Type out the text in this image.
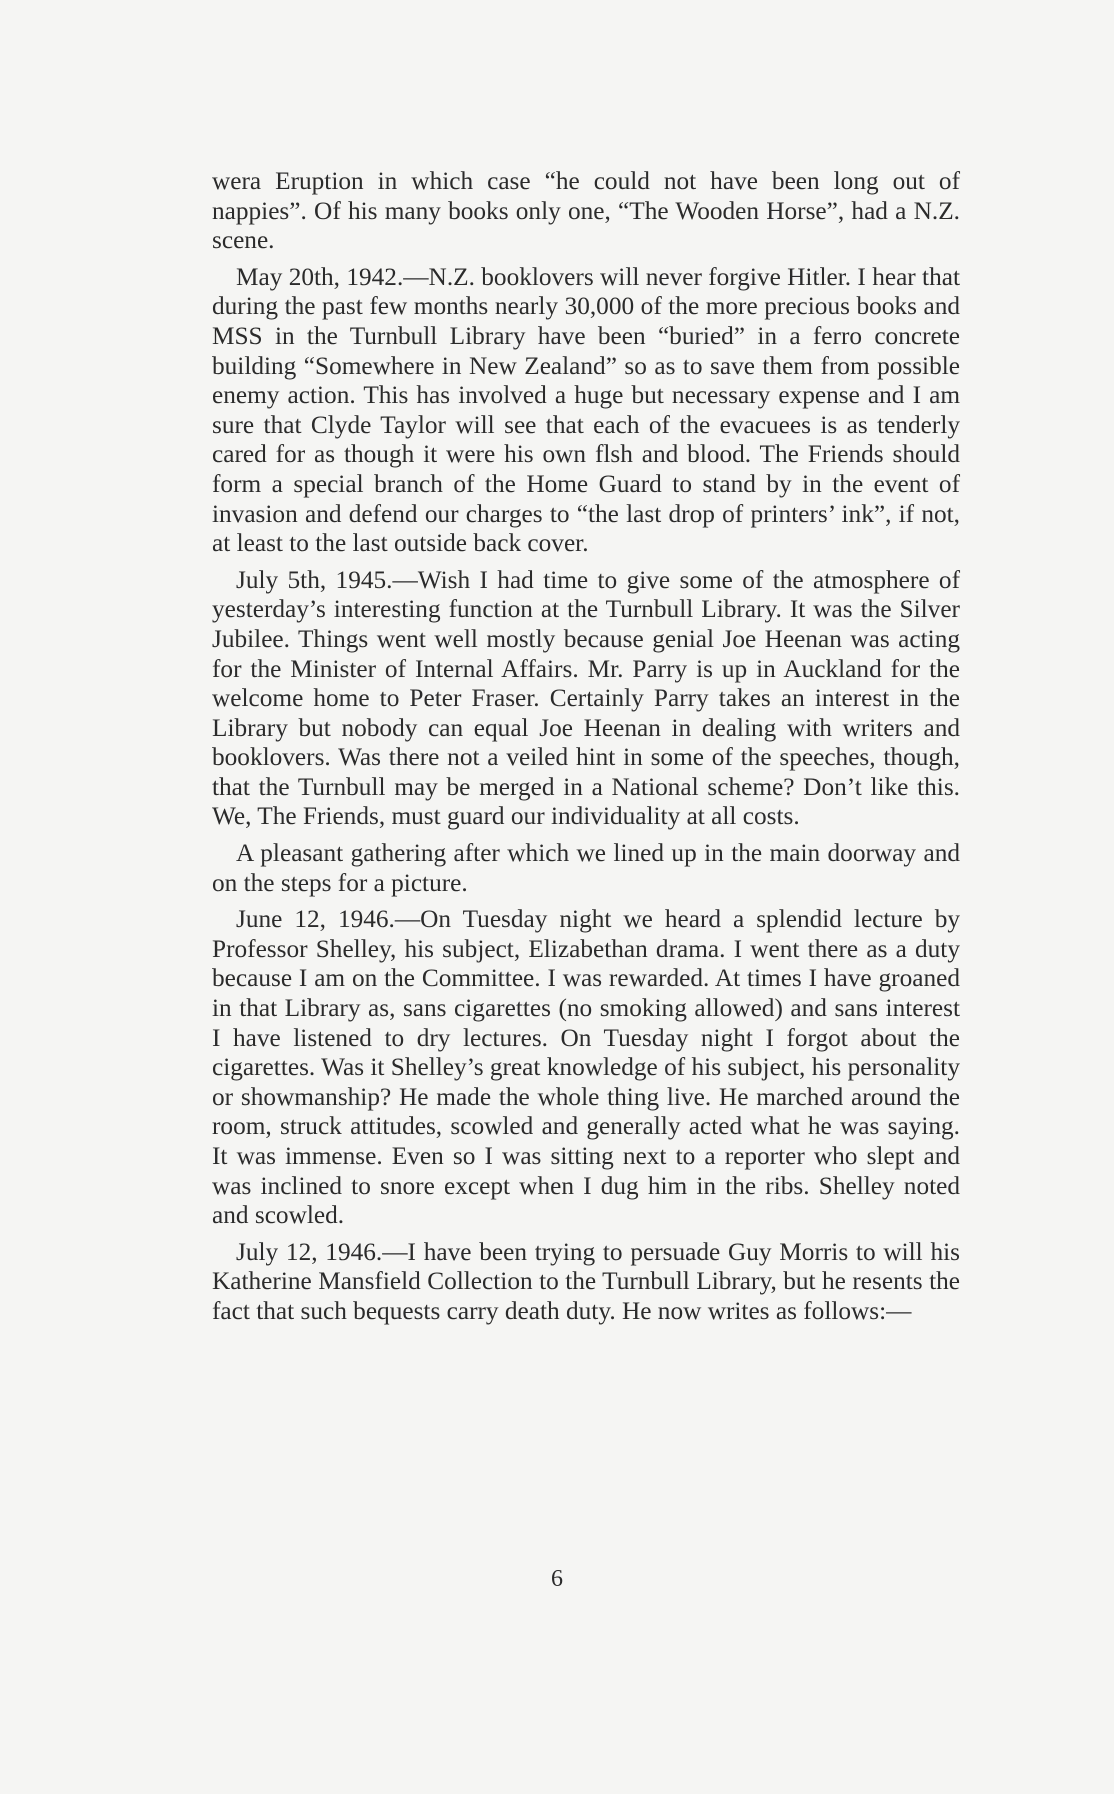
wera Eruption in which case “he could not have been long out of nappies”. Of his many books only one, “The Wooden Horse”, had a N.Z. scene.

May 20th, 1942.—N.Z. booklovers will never forgive Hitler. I hear that during the past few months nearly 30,000 of the more precious books and MSS in the Turnbull Library have been “buried” in a ferro concrete building “Somewhere in New Zealand” so as to save them from possible enemy action. This has involved a huge but necessary expense and I am sure that Clyde Taylor will see that each of the evacuees is as tenderly cared for as though it were his own flsh and blood. The Friends should form a special branch of the Home Guard to stand by in the event of invasion and defend our charges to “the last drop of printers’ ink”, if not, at least to the last outside back cover.

July 5th, 1945.—Wish I had time to give some of the atmosphere of yesterday’s interesting function at the Turnbull Library. It was the Silver Jubilee. Things went well mostly because genial Joe Heenan was acting for the Minister of Internal Affairs. Mr. Parry is up in Auckland for the welcome home to Peter Fraser. Certainly Parry takes an interest in the Library but nobody can equal Joe Heenan in dealing with writers and booklovers. Was there not a veiled hint in some of the speeches, though, that the Turnbull may be merged in a National scheme? Don’t like this. We, The Friends, must guard our individuality at all costs.

A pleasant gathering after which we lined up in the main doorway and on the steps for a picture.

June 12, 1946.—On Tuesday night we heard a splendid lecture by Professor Shelley, his subject, Elizabethan drama. I went there as a duty because I am on the Committee. I was rewarded. At times I have groaned in that Library as, sans cigarettes (no smoking allowed) and sans interest I have listened to dry lectures. On Tuesday night I forgot about the cigarettes. Was it Shelley’s great knowledge of his subject, his personality or showmanship? He made the whole thing live. He marched around the room, struck attitudes, scowled and generally acted what he was saying. It was immense. Even so I was sitting next to a reporter who slept and was inclined to snore except when I dug him in the ribs. Shelley noted and scowled.

July 12, 1946.—I have been trying to persuade Guy Morris to will his Katherine Mansfield Collection to the Turnbull Library, but he resents the fact that such bequests carry death duty. He now writes as follows:—

6
